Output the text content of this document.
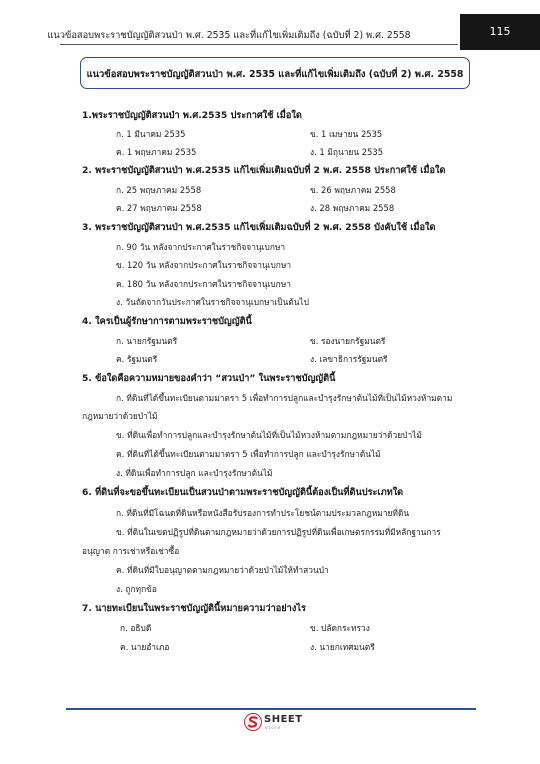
แนวข้อสอบพระราชบัญญัติสวนป่า พ.ศ. 2535 และที่แก้ไขเพิ่มเติมถึง (ฉบับที่ 2) พ.ศ. 2558	115
แนวข้อสอบพระราชบัญญัติสวนป่า พ.ศ. 2535 และที่แก้ไขเพิ่มเติมถึง (ฉบับที่ 2) พ.ศ. 2558
1.พระราชบัญญัติสวนป่า พ.ศ.2535 ประกาศใช้ เมื่อใด
ก. 1 มีนาคม 2535	ข. 1 เมษายน 2535
ค. 1 พฤษภาคม 2535	ง. 1 มิถุนายน 2535
2. พระราชบัญญัติสวนป่า พ.ศ.2535 แก้ไขเพิ่มเติมฉบับที่ 2 พ.ศ. 2558 ประกาศใช้ เมื่อใด
ก. 25 พฤษภาคม 2558	ข. 26 พฤษภาคม 2558
ค. 27 พฤษภาคม 2558	ง. 28 พฤษภาคม 2558
3. พระราชบัญญัติสวนป่า พ.ศ.2535 แก้ไขเพิ่มเติมฉบับที่ 2 พ.ศ. 2558 บังคับใช้ เมื่อใด
ก. 90 วัน หลังจากประกาศในราชกิจจานุเบกษา
ข. 120 วัน หลังจากประกาศในราชกิจจานุเบกษา
ค. 180 วัน หลังจากประกาศในราชกิจจานุเบกษา
ง. วันถัดจากวันประกาศในราชกิจจานุเบกษาเป็นต้นไป
4. ใครเป็นผู้รักษาการตามพระราชบัญญัตินี้
ก. นายกรัฐมนตรี	ข. รองนายกรัฐมนตรี
ค. รัฐมนตรี	ง. เลขาธิการรัฐมนตรี
5. ข้อใดคือความหมายของคำว่า “สวนป่า” ในพระราชบัญญัตินี้
ก. ที่ดินที่ได้ขึ้นทะเบียนตามมาตรา 5 เพื่อทำการปลูกและบำรุงรักษาต้นไม้ที่เป็นไม้หวงห้ามตาม
กฎหมายว่าด้วยป่าไม้
ข. ที่ดินเพื่อทำการปลูกและบำรุงรักษาต้นไม้ที่เป็นไม้หวงห้ามตามกฎหมายว่าด้วยป่าไม้
ค. ที่ดินที่ได้ขึ้นทะเบียนตามมาตรา 5 เพื่อทำการปลูก และบำรุงรักษาต้นไม้
ง. ที่ดินเพื่อทำการปลูก และบำรุงรักษาต้นไม้
6. ที่ดินที่จะขอขึ้นทะเบียนเป็นสวนป่าตามพระราชบัญญัตินี้ต้องเป็นที่ดินประเภทใด
ก. ที่ดินที่มีโฉนดที่ดินหรือหนังสือรับรองการทำประโยชน์ตามประมวลกฎหมายที่ดิน
ข. ที่ดินในเขตปฏิรูปที่ดินตามกฎหมายว่าด้วยการปฏิรูปที่ดินเพื่อเกษตรกรรมที่มีหลักฐานการ
อนุญาต การเช่าหรือเช่าซื้อ
ค. ที่ดินที่มีใบอนุญาตตามกฎหมายว่าด้วยป่าไม้ให้ทำสวนป่า
ง. ถูกทุกข้อ
7. นายทะเบียนในพระราชบัญญัตินี้หมายความว่าอย่างไร
ก. อธิบดี	ข. ปลัดกระทรวง
ค. นายอำเภอ	ง. นายกเทศมนตรี
SHEET
store
